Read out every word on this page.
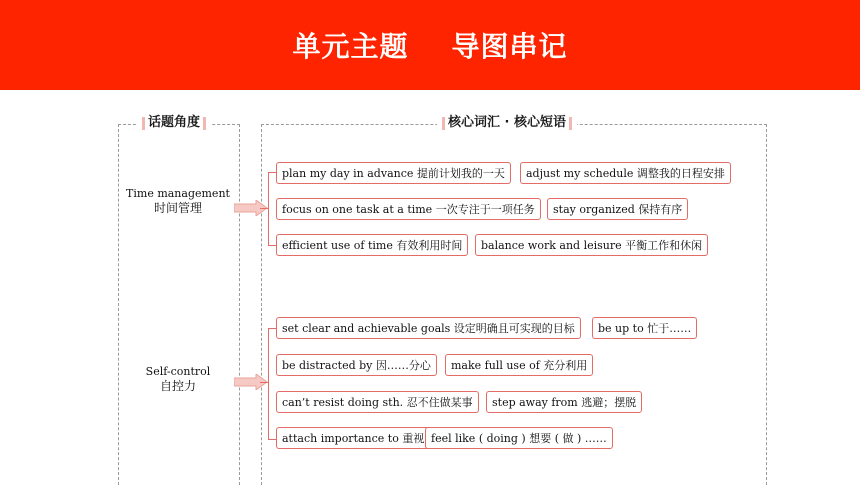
单元主题    导图串记
话题角度	核心词汇 · 核心短语
Time management
时间管理
plan my day in advance 提前计划我的一天	adjust my schedule 调整我的日程安排
focus on one task at a time 一次专注于一项任务	stay organized 保持有序
efficient use of time 有效利用时间	balance work and leisure 平衡工作和休闲
Self-control
自控力
set clear and achievable goals 设定明确且可实现的目标	be up to 忙于……
be distracted by 因……分心	make full use of 充分利用
can’t resist doing sth. 忍不住做某事	step away from 逃避；摆脱
attach importance to 重视 feel like ( doing ) 想要 ( 做 ) ……
